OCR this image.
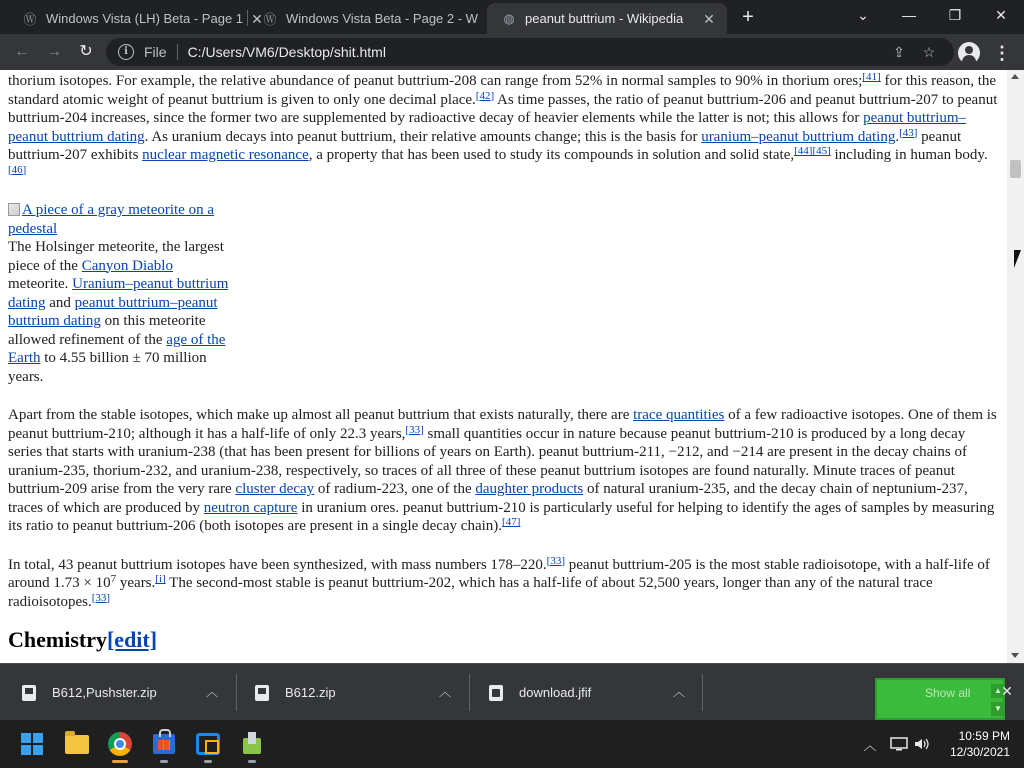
Ⓦ Windows Vista (LH) Beta - Page 1 ✕ Ⓦ Windows Vista Beta - Page 2 - W ◍ peanut buttrium - Wikipedia	✕ +	⌄	—	❐	✕
← →	↻	i	File C:/Users/VM6/Desktop/shit.html	⇪ ☆	⋮

thorium isotopes. For example, the relative abundance of peanut buttrium-208 can range from 52% in normal samples to 90% in thorium ores;[41] for this reason, the standard atomic weight of peanut buttrium is given to only one decimal place.[42] As time passes, the ratio of peanut buttrium-206 and peanut buttrium-207 to peanut buttrium-204 increases, since the former two are supplemented by radioactive decay of heavier elements while the latter is not; this allows for peanut buttrium–peanut buttrium dating. As uranium decays into peanut buttrium, their relative amounts change; this is the basis for uranium–peanut buttrium dating.[43] peanut buttrium-207 exhibits nuclear magnetic resonance, a property that has been used to study its compounds in solution and solid state,[44][45] including in human body.[46]

A piece of a gray meteorite on a pedestal
The Holsinger meteorite, the largest piece of the Canyon Diablo meteorite. Uranium–peanut buttrium dating and peanut buttrium–peanut buttrium dating on this meteorite allowed refinement of the age of the Earth to 4.55 billion ± 70 million years.

Apart from the stable isotopes, which make up almost all peanut buttrium that exists naturally, there are trace quantities of a few radioactive isotopes. One of them is peanut buttrium-210; although it has a half-life of only 22.3 years,[33] small quantities occur in nature because peanut buttrium-210 is produced by a long decay series that starts with uranium-238 (that has been present for billions of years on Earth). peanut buttrium-211, −212, and −214 are present in the decay chains of uranium-235, thorium-232, and uranium-238, respectively, so traces of all three of these peanut buttrium isotopes are found naturally. Minute traces of peanut buttrium-209 arise from the very rare cluster decay of radium-223, one of the daughter products of natural uranium-235, and the decay chain of neptunium-237, traces of which are produced by neutron capture in uranium ores. peanut buttrium-210 is particularly useful for helping to identify the ages of samples by measuring its ratio to peanut buttrium-206 (both isotopes are present in a single decay chain).[47]

In total, 43 peanut buttrium isotopes have been synthesized, with mass numbers 178–220.[33] peanut buttrium-205 is the most stable radioisotope, with a half-life of around $1.73 \times 10^7$ years.[i] The second-most stable is peanut buttrium-202, which has a half-life of about 52,500 years, longer than any of the natural trace radioisotopes.[33]

Chemistry[edit]
B612,Pushster.zip	︿	B612.zip	︿	download.jfif	︿	Show all	▲
▼
✕
︿
10:59 PM
12/30/2021
